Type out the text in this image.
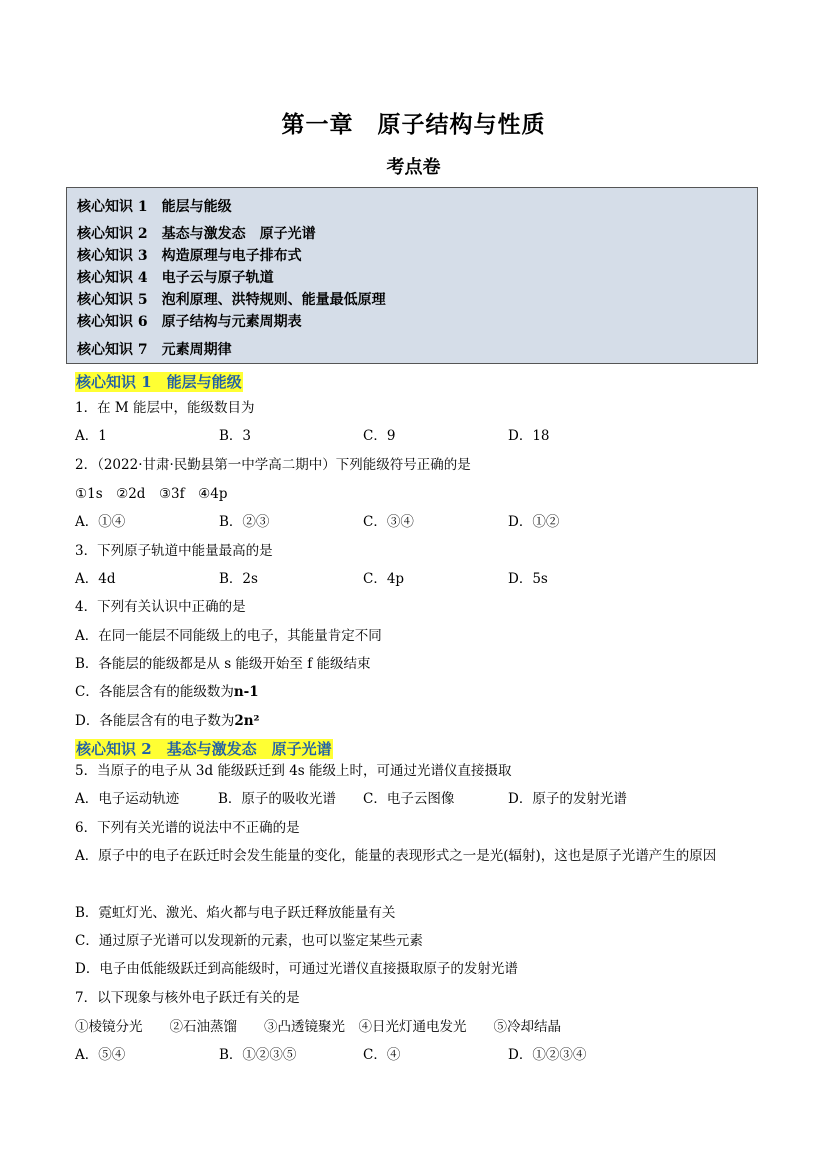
第一章　原子结构与性质
考点卷
核心知识 1　能层与能级
核心知识 2　基态与激发态　原子光谱
核心知识 3　构造原理与电子排布式
核心知识 4　电子云与原子轨道
核心知识 5　泡利原理、洪特规则、能量最低原理
核心知识 6　原子结构与元素周期表
核心知识 7　元素周期律
核心知识 1　能层与能级
1．在 M 能层中，能级数目为
A．1	B．3	C．9	D．18
2．（2022·甘肃·民勤县第一中学高二期中）下列能级符号正确的是
①1s　②2d　③3f　④4p
A．①④	B．②③	C．③④	D．①②
3．下列原子轨道中能量最高的是
A．4d	B．2s	C．4p	D．5s
4．下列有关认识中正确的是
A．在同一能层不同能级上的电子，其能量肯定不同
B．各能层的能级都是从 s 能级开始至 f 能级结束
C．各能层含有的能级数为n-1
D．各能层含有的电子数为2n²
核心知识 2　基态与激发态　原子光谱
5．当原子的电子从 3d 能级跃迁到 4s 能级上时，可通过光谱仪直接摄取
A．电子运动轨迹	B．原子的吸收光谱 C．电子云图像	D．原子的发射光谱
6．下列有关光谱的说法中不正确的是
A．原子中的电子在跃迁时会发生能量的变化，能量的表现形式之一是光(辐射)，这也是原子光谱产生的原因
B．霓虹灯光、激光、焰火都与电子跃迁释放能量有关
C．通过原子光谱可以发现新的元素，也可以鉴定某些元素
D．电子由低能级跃迁到高能级时，可通过光谱仪直接摄取原子的发射光谱
7．以下现象与核外电子跃迁有关的是
①棱镜分光　　②石油蒸馏　　③凸透镜聚光　④日光灯通电发光　　⑤冷却结晶
A．⑤④	B．①②③⑤	C．④	D．①②③④
